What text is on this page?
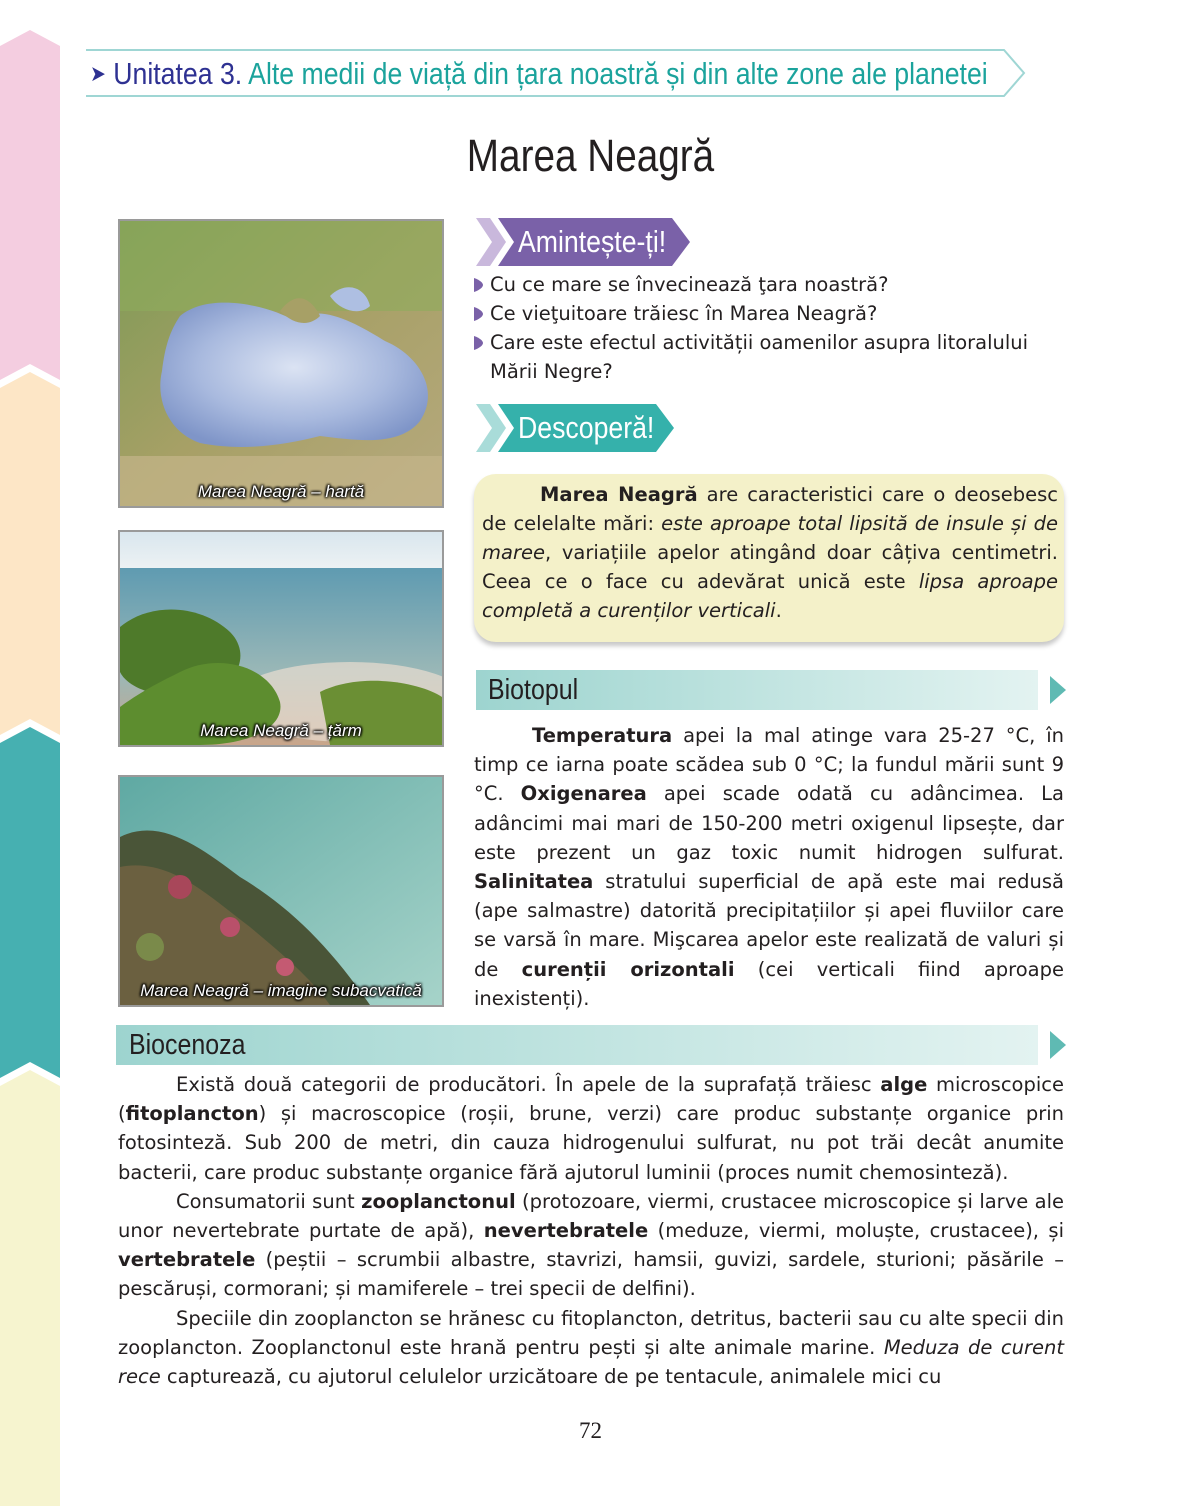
➤ Unitatea 3. Alte medii de viață din țara noastră și din alte zone ale planetei
Marea Neagră
Marea Neagră – hartă
Marea Neagră – țărm
Marea Neagră – imagine subacvatică
Amintește-ți!
Cu ce mare se învecinează ţara noastră?
Ce vieţuitoare trăiesc în Marea Neagră?
Care este efectul activității oamenilor asupra litoralului Mării Negre?
Descoperă!
Marea Neagră are caracteristici care o deosebesc de celelalte mări: este aproape total lipsită de insule și de maree, variațiile apelor atingând doar câțiva centimetri. Ceea ce o face cu adevărat unică este lipsa aproape completă a curenților verticali.
Biotopul

Temperatura apei la mal atinge vara 25-27 °C, în timp ce iarna poate scădea sub 0 °C; la fundul mării sunt 9 °C. Oxigenarea apei scade odată cu adâncimea. La adâncimi mai mari de 150-200 metri oxigenul lipsește, dar este prezent un gaz toxic numit hidrogen sulfurat. Salinitatea stratului superficial de apă este mai redusă (ape salmastre) datorită precipitațiilor și apei fluviilor care se varsă în mare. Mişcarea apelor este realizată de valuri și de curenții orizontali (cei verticali fiind aproape inexistenți).

Biocenoza

Există două categorii de producători. În apele de la suprafață trăiesc alge microscopice (fitoplancton) și macroscopice (roșii, brune, verzi) care produc substanțe organice prin fotosinteză. Sub 200 de metri, din cauza hidrogenului sulfurat, nu pot trăi decât anumite bacterii, care produc substanțe organice fără ajutorul luminii (proces numit chemosinteză).

Consumatorii sunt zooplanctonul (protozoare, viermi, crustacee microscopice și larve ale unor nevertebrate purtate de apă), nevertebratele (meduze, viermi, moluște, crustacee), și vertebratele (peștii – scrumbii albastre, stavrizi, hamsii, guvizi, sardele, sturioni; păsările – pescăruși, cormorani; și mamiferele – trei specii de delfini).

Speciile din zooplancton se hrănesc cu fitoplancton, detritus, bacterii sau cu alte specii din zooplancton. Zooplanctonul este hrană pentru pești și alte animale marine. Meduza de curent rece capturează, cu ajutorul celulelor urzicătoare de pe tentacule, animalele mici cu

72
